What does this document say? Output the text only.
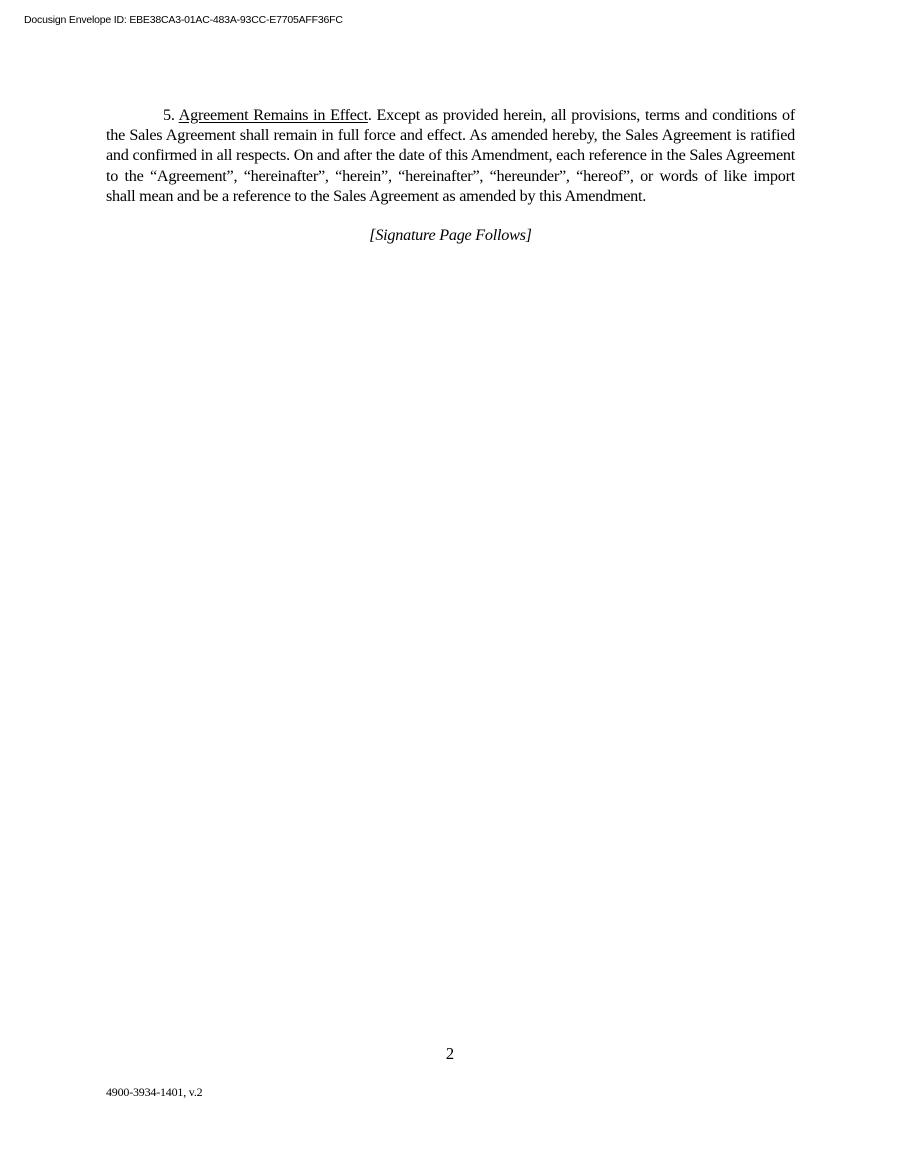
Docusign Envelope ID: EBE38CA3-01AC-483A-93CC-E7705AFF36FC

5. Agreement Remains in Effect. Except as provided herein, all provisions, terms and conditions of the Sales Agreement shall remain in full force and effect. As amended hereby, the Sales Agreement is ratified and confirmed in all respects. On and after the date of this Amendment, each reference in the Sales Agreement to the “Agreement”, “hereinafter”, “herein”, “hereinafter”, “hereunder”, “hereof”, or words of like import shall mean and be a reference to the Sales Agreement as amended by this Amendment.

[Signature Page Follows]

2
4900-3934-1401, v.2
